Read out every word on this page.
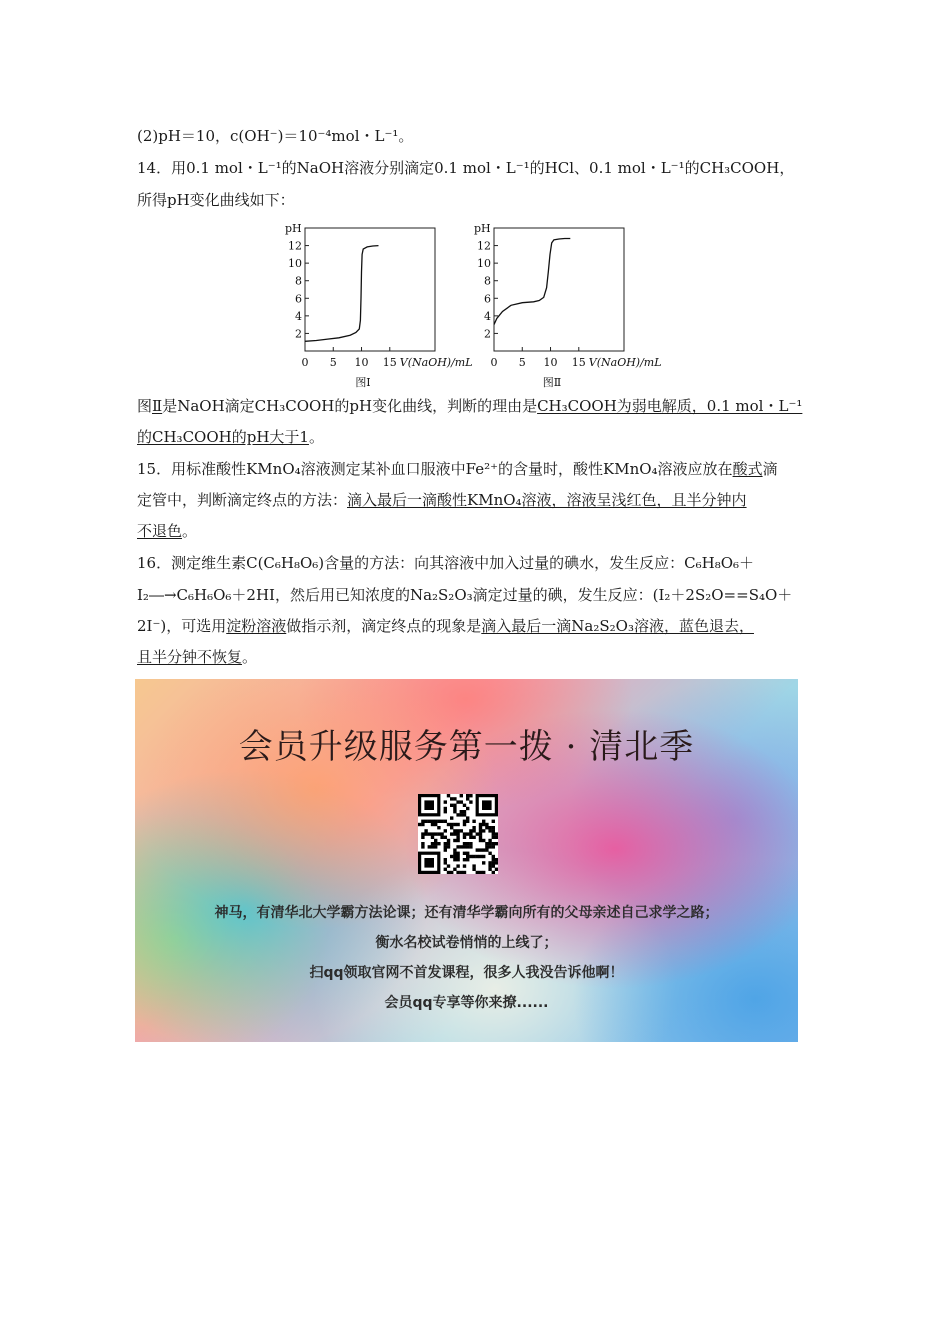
(2)pH＝10，c(OH⁻)＝10⁻⁴mol・L⁻¹。
14．用0.1 mol・L⁻¹的NaOH溶液分别滴定0.1 mol・L⁻¹的HCl、0.1 mol・L⁻¹的CH₃COOH，
所得pH变化曲线如下：
2
4
6
8
10
12
0 5 10 15
pH
V(NaOH)/mL
图Ⅰ
2
4
6
8
10
12
0 5 10 15
pH
V(NaOH)/mL
图Ⅱ
图Ⅱ是NaOH滴定CH₃COOH的pH变化曲线，判断的理由是CH₃COOH为弱电解质，0.1 mol・L⁻¹
的CH₃COOH的pH大于1。
15．用标准酸性KMnO₄溶液测定某补血口服液中Fe²⁺的含量时，酸性KMnO₄溶液应放在酸式滴
定管中，判断滴定终点的方法：滴入最后一滴酸性KMnO₄溶液，溶液呈浅红色，且半分钟内
不退色。
16．测定维生素C(C₆H₈O₆)含量的方法：向其溶液中加入过量的碘水，发生反应：C₆H₈O₆＋
I₂―→C₆H₆O₆＋2HI，然后用已知浓度的Na₂S₂O₃滴定过量的碘，发生反应：(I₂＋2S₂O==S₄O＋
2I⁻)，可选用淀粉溶液做指示剂，滴定终点的现象是滴入最后一滴Na₂S₂O₃溶液，蓝色退去，
且半分钟不恢复。
会员升级服务第一拨 · 清北季
神马，有清华北大学霸方法论课；还有清华学霸向所有的父母亲述自己求学之路；
衡水名校试卷悄悄的上线了；
扫qq领取官网不首发课程，很多人我没告诉他啊！
会员qq专享等你来撩......
